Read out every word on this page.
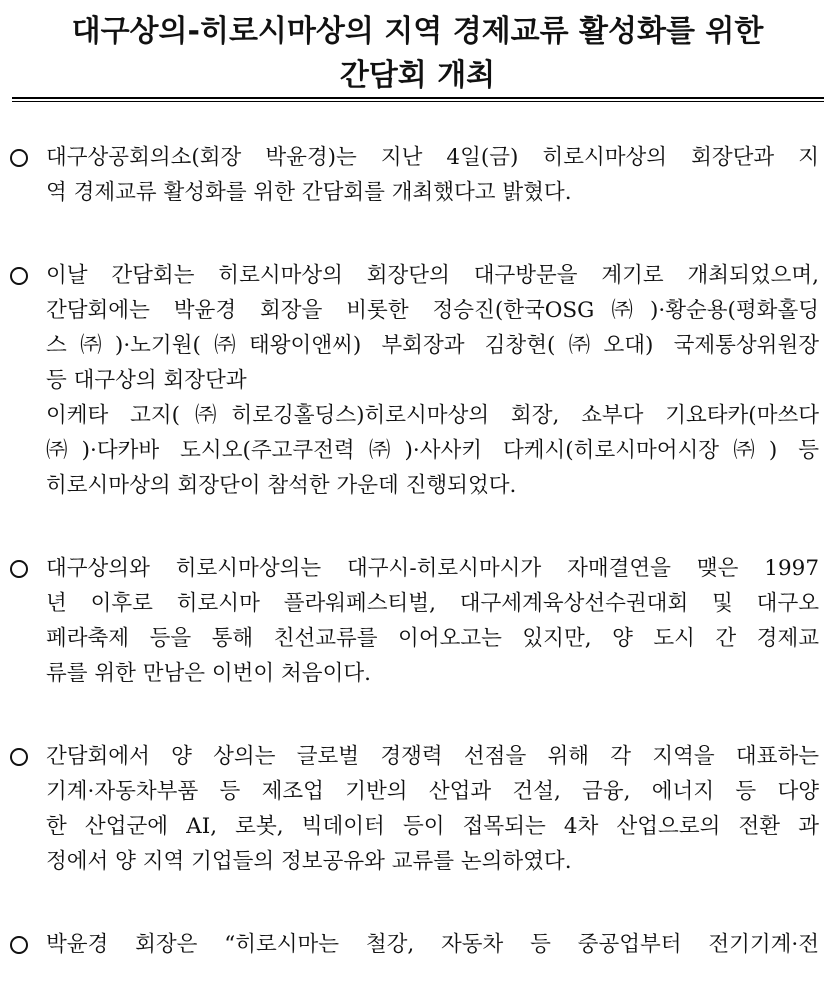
대구상의-히로시마상의 지역 경제교류 활성화를 위한
간담회 개최
대구상공회의소(회장 박윤경)는 지난 4일(금) 히로시마상의 회장단과 지
역 경제교류 활성화를 위한 간담회를 개최했다고 밝혔다.
이날 간담회는 히로시마상의 회장단의 대구방문을 계기로 개최되었으며,
간담회에는 박윤경 회장을 비롯한 정승진(한국OSG㈜)·황순용(평화홀딩
스㈜)·노기원(㈜태왕이앤씨) 부회장과 김창현(㈜오대) 국제통상위원장
등 대구상의 회장단과
이케타 고지(㈜히로깅홀딩스)히로시마상의 회장, 쇼부다 기요타카(마쓰다
㈜)·다카바 도시오(주고쿠전력㈜)·사사키 다케시(히로시마어시장㈜) 등
히로시마상의 회장단이 참석한 가운데 진행되었다.
대구상의와 히로시마상의는 대구시-히로시마시가 자매결연을 맺은 1997
년 이후로 히로시마 플라워페스티벌, 대구세계육상선수권대회 및 대구오
페라축제 등을 통해 친선교류를 이어오고는 있지만, 양 도시 간 경제교
류를 위한 만남은 이번이 처음이다.
간담회에서 양 상의는 글로벌 경쟁력 선점을 위해 각 지역을 대표하는
기계·자동차부품 등 제조업 기반의 산업과 건설, 금융, 에너지 등 다양
한 산업군에 AI, 로봇, 빅데이터 등이 접목되는 4차 산업으로의 전환 과
정에서 양 지역 기업들의 정보공유와 교류를 논의하였다.
박윤경 회장은 “히로시마는 철강, 자동차 등 중공업부터 전기기계·전
